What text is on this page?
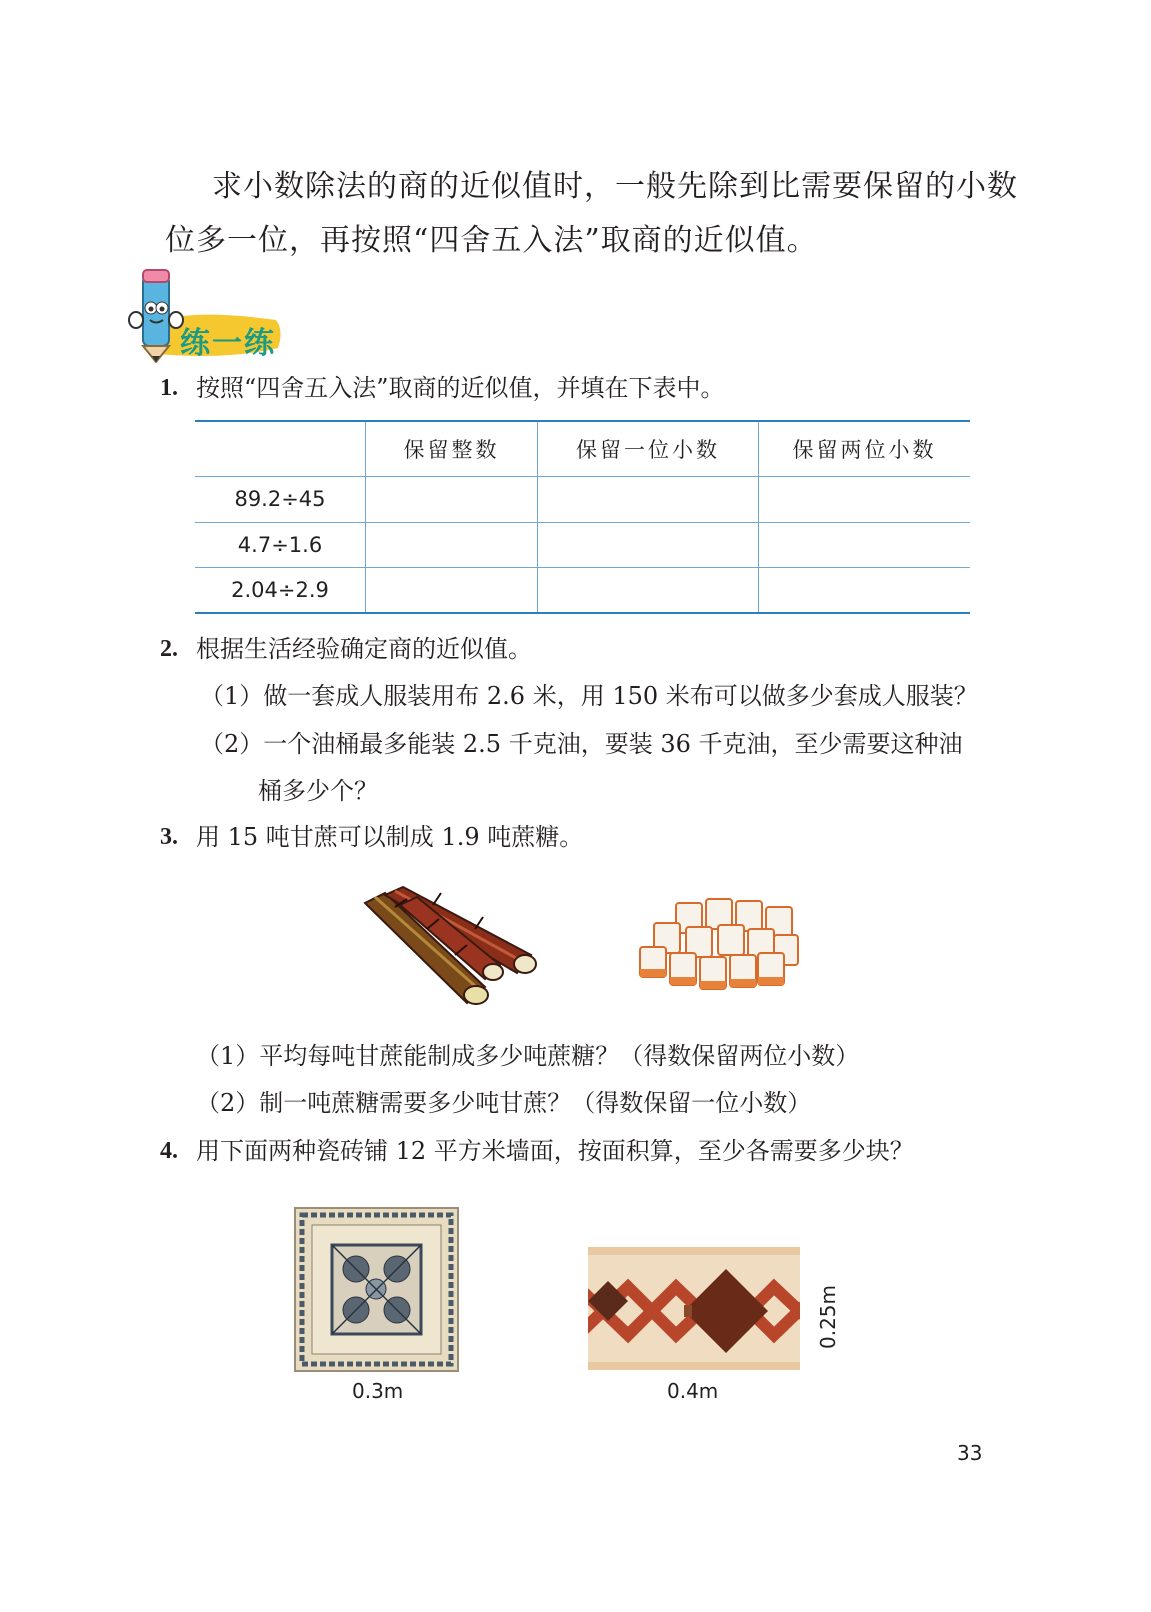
求小数除法的商的近似值时，一般先除到比需要保留的小数

位多一位，再按照“四舍五入法”取商的近似值。

练一练
1. 按照“四舍五入法”取商的近似值，并填在下表中。
	保留整数	保留一位小数	保留两位小数
89.2÷45			
4.7÷1.6			
2.04÷2.9			
2. 根据生活经验确定商的近似值。
（1）做一套成人服装用布 2.6 米，用 150 米布可以做多少套成人服装？
（2）一个油桶最多能装 2.5 千克油，要装 36 千克油，至少需要这种油
桶多少个？
3. 用 15 吨甘蔗可以制成 1.9 吨蔗糖。
（1）平均每吨甘蔗能制成多少吨蔗糖？（得数保留两位小数）
（2）制一吨蔗糖需要多少吨甘蔗？（得数保留一位小数）
4. 用下面两种瓷砖铺 12 平方米墙面，按面积算，至少各需要多少块？
0.3m	0.4m
0.25m
33
